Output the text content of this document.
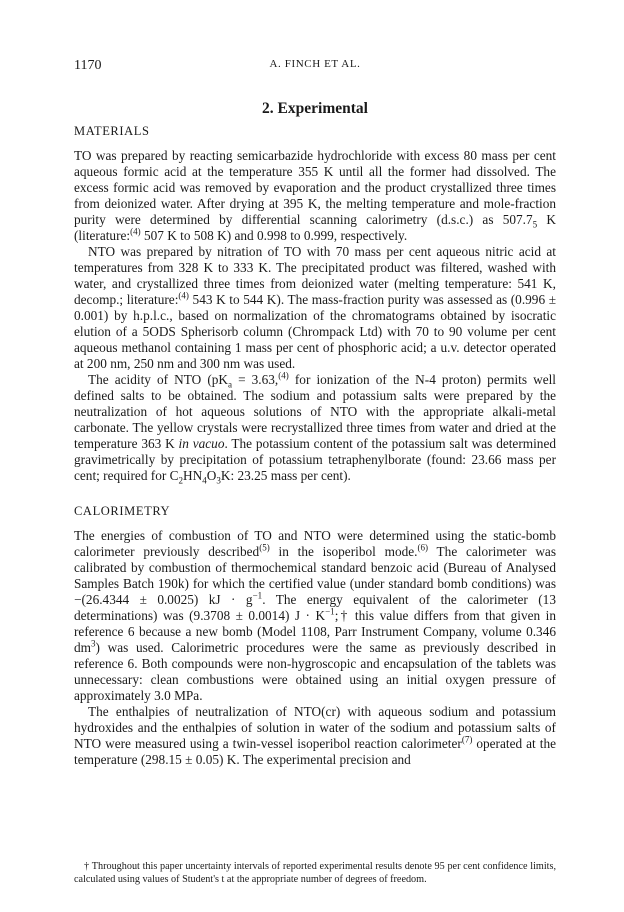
1170	A. FINCH ET AL.
2. Experimental
MATERIALS

TO was prepared by reacting semicarbazide hydrochloride with excess 80 mass per cent aqueous formic acid at the temperature 355 K until all the former had dissolved. The excess formic acid was removed by evaporation and the product crystallized three times from deionized water. After drying at 395 K, the melting temperature and mole-fraction purity were determined by differential scanning calorimetry (d.s.c.) as $507.7_5$ K (literature:$^{(4)}$ 507 K to 508 K) and 0.998 to 0.999, respectively.

NTO was prepared by nitration of TO with 70 mass per cent aqueous nitric acid at temperatures from 328 K to 333 K. The precipitated product was filtered, washed with water, and crystallized three times from deionized water (melting temperature: 541 K, decomp.; literature:$^{(4)}$ 543 K to 544 K). The mass-fraction purity was assessed as (0.996 ± 0.001) by h.p.l.c., based on normalization of the chromatograms obtained by isocratic elution of a 5ODS Spherisorb column (Chrompack Ltd) with 70 to 90 volume per cent aqueous methanol containing 1 mass per cent of phosphoric acid; a u.v. detector operated at 200 nm, 250 nm and 300 nm was used.

The acidity of NTO ($pK_a = 3.63,^{(4)}$ for ionization of the N-4 proton) permits well defined salts to be obtained. The sodium and potassium salts were prepared by the neutralization of hot aqueous solutions of NTO with the appropriate alkali-metal carbonate. The yellow crystals were recrystallized three times from water and dried at the temperature 363 K in vacuo. The potassium content of the potassium salt was determined gravimetrically by precipitation of potassium tetraphenylborate (found: 23.66 mass per cent; required for $C_2HN_4O_3K$: 23.25 mass per cent).

CALORIMETRY

The energies of combustion of TO and NTO were determined using the static-bomb calorimeter previously described$^{(5)}$ in the isoperibol mode.$^{(6)}$ The calorimeter was calibrated by combustion of thermochemical standard benzoic acid (Bureau of Analysed Samples Batch 190k) for which the certified value (under standard bomb conditions) was −(26.4344 ± 0.0025) kJ · $g^{-1}$. The energy equivalent of the calorimeter (13 determinations) was (9.3708 ± 0.0014) $J \cdot K^{-1};\dagger$ this value differs from that given in reference 6 because a new bomb (Model 1108, Parr Instrument Company, volume 0.346 $dm^3$) was used. Calorimetric procedures were the same as previously described in reference 6. Both compounds were non-hygroscopic and encapsulation of the tablets was unnecessary: clean combustions were obtained using an initial oxygen pressure of approximately 3.0 MPa.

The enthalpies of neutralization of NTO(cr) with aqueous sodium and potassium hydroxides and the enthalpies of solution in water of the sodium and potassium salts of NTO were measured using a twin-vessel isoperibol reaction calorimeter$^{(7)}$ operated at the temperature (298.15 ± 0.05) K. The experimental precision and

† Throughout this paper uncertainty intervals of reported experimental results denote 95 per cent confidence limits, calculated using values of Student's t at the appropriate number of degrees of freedom.
